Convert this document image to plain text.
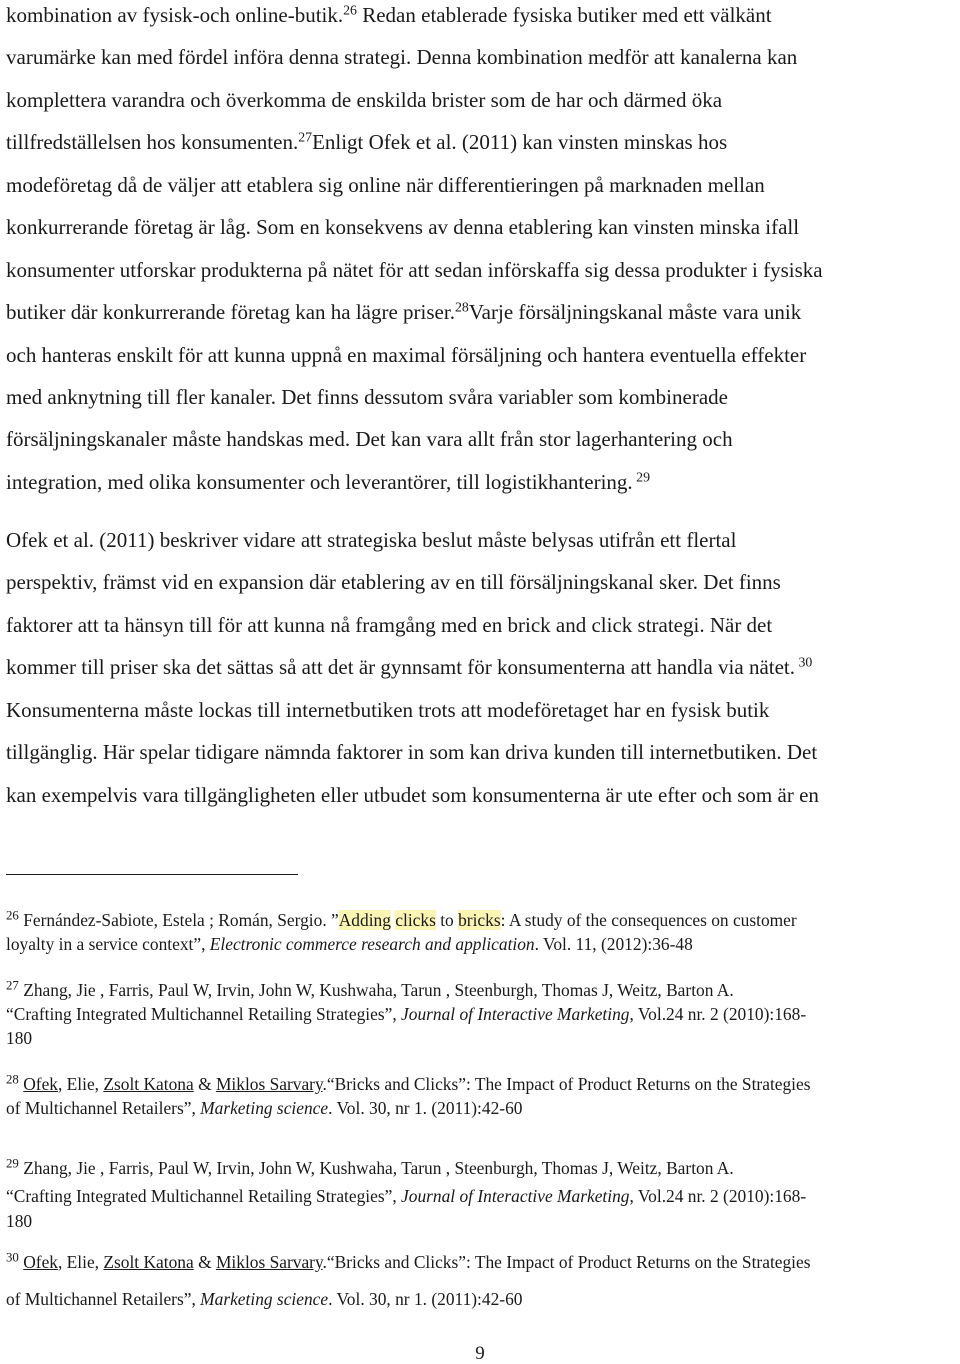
kombination av fysisk-och online-butik.$^{26}$ Redan etablerade fysiska butiker med ett välkänt
varumärke kan med fördel införa denna strategi. Denna kombination medför att kanalerna kan
komplettera varandra och överkomma de enskilda brister som de har och därmed öka
tillfredställelsen hos konsumenten.$^{27}$Enligt Ofek et al. (2011) kan vinsten minskas hos
modeföretag då de väljer att etablera sig online när differentieringen på marknaden mellan
konkurrerande företag är låg. Som en konsekvens av denna etablering kan vinsten minska ifall
konsumenter utforskar produkterna på nätet för att sedan införskaffa sig dessa produkter i fysiska
butiker där konkurrerande företag kan ha lägre priser.$^{28}$Varje försäljningskanal måste vara unik
och hanteras enskilt för att kunna uppnå en maximal försäljning och hantera eventuella effekter
med anknytning till fler kanaler. Det finns dessutom svåra variabler som kombinerade
försäljningskanaler måste handskas med. Det kan vara allt från stor lagerhantering och
integration, med olika konsumenter och leverantörer, till logistikhantering. $^{29}$
Ofek et al. (2011) beskriver vidare att strategiska beslut måste belysas utifrån ett flertal
perspektiv, främst vid en expansion där etablering av en till försäljningskanal sker. Det finns
faktorer att ta hänsyn till för att kunna nå framgång med en brick and click strategi. När det
kommer till priser ska det sättas så att det är gynnsamt för konsumenterna att handla via nätet. $^{30}$
Konsumenterna måste lockas till internetbutiken trots att modeföretaget har en fysisk butik
tillgänglig. Här spelar tidigare nämnda faktorer in som kan driva kunden till internetbutiken. Det
kan exempelvis vara tillgängligheten eller utbudet som konsumenterna är ute efter och som är en
$^{26}$ Fernández-Sabiote, Estela ; Román, Sergio. ”Adding clicks to bricks: A study of the consequences on customer
loyalty in a service context”, Electronic commerce research and application. Vol. 11, (2012):36-48
$^{27}$ Zhang, Jie , Farris, Paul W, Irvin, John W, Kushwaha, Tarun , Steenburgh, Thomas J, Weitz, Barton A.
“Crafting Integrated Multichannel Retailing Strategies”, Journal of Interactive Marketing, Vol.24 nr. 2 (2010):168-
180
$^{28}$ Ofek, Elie, Zsolt Katona & Miklos Sarvary.“Bricks and Clicks”: The Impact of Product Returns on the Strategies
of Multichannel Retailers”, Marketing science. Vol. 30, nr 1. (2011):42-60
$^{29}$ Zhang, Jie , Farris, Paul W, Irvin, John W, Kushwaha, Tarun , Steenburgh, Thomas J, Weitz, Barton A.
“Crafting Integrated Multichannel Retailing Strategies”, Journal of Interactive Marketing, Vol.24 nr. 2 (2010):168-
180
$^{30}$ Ofek, Elie, Zsolt Katona & Miklos Sarvary.“Bricks and Clicks”: The Impact of Product Returns on the Strategies
of Multichannel Retailers”, Marketing science. Vol. 30, nr 1. (2011):42-60
9
